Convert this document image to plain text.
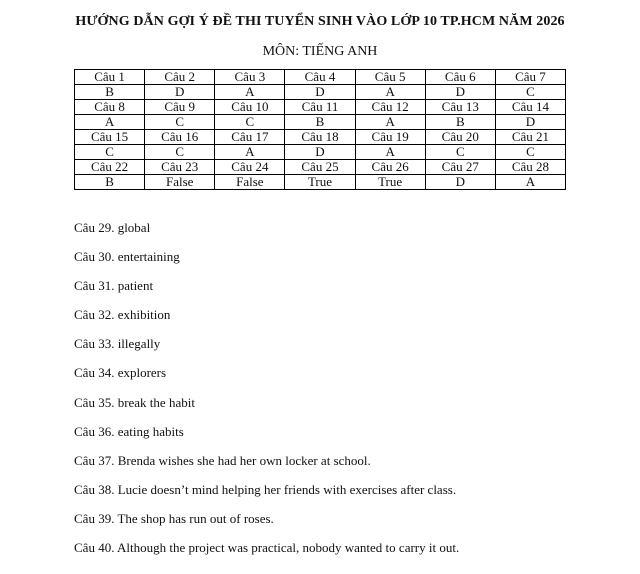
HƯỚNG DẪN GỢI Ý ĐỀ THI TUYỂN SINH VÀO LỚP 10 TP.HCM NĂM 2026
MÔN: TIẾNG ANH
Câu 1	Câu 2	Câu 3	Câu 4	Câu 5	Câu 6	Câu 7
B	D	A	D	A	D	C
Câu 8	Câu 9	Câu 10	Câu 11	Câu 12	Câu 13	Câu 14
A	C	C	B	A	B	D
Câu 15	Câu 16	Câu 17	Câu 18	Câu 19	Câu 20	Câu 21
C	C	A	D	A	C	C
Câu 22	Câu 23	Câu 24	Câu 25	Câu 26	Câu 27	Câu 28
B	False	False	True	True	D	A
Câu 29. global
Câu 30. entertaining
Câu 31. patient
Câu 32. exhibition
Câu 33. illegally
Câu 34. explorers
Câu 35. break the habit
Câu 36. eating habits
Câu 37. Brenda wishes she had her own locker at school.
Câu 38. Lucie doesn’t mind helping her friends with exercises after class.
Câu 39. The shop has run out of roses.
Câu 40. Although the project was practical, nobody wanted to carry it out.
